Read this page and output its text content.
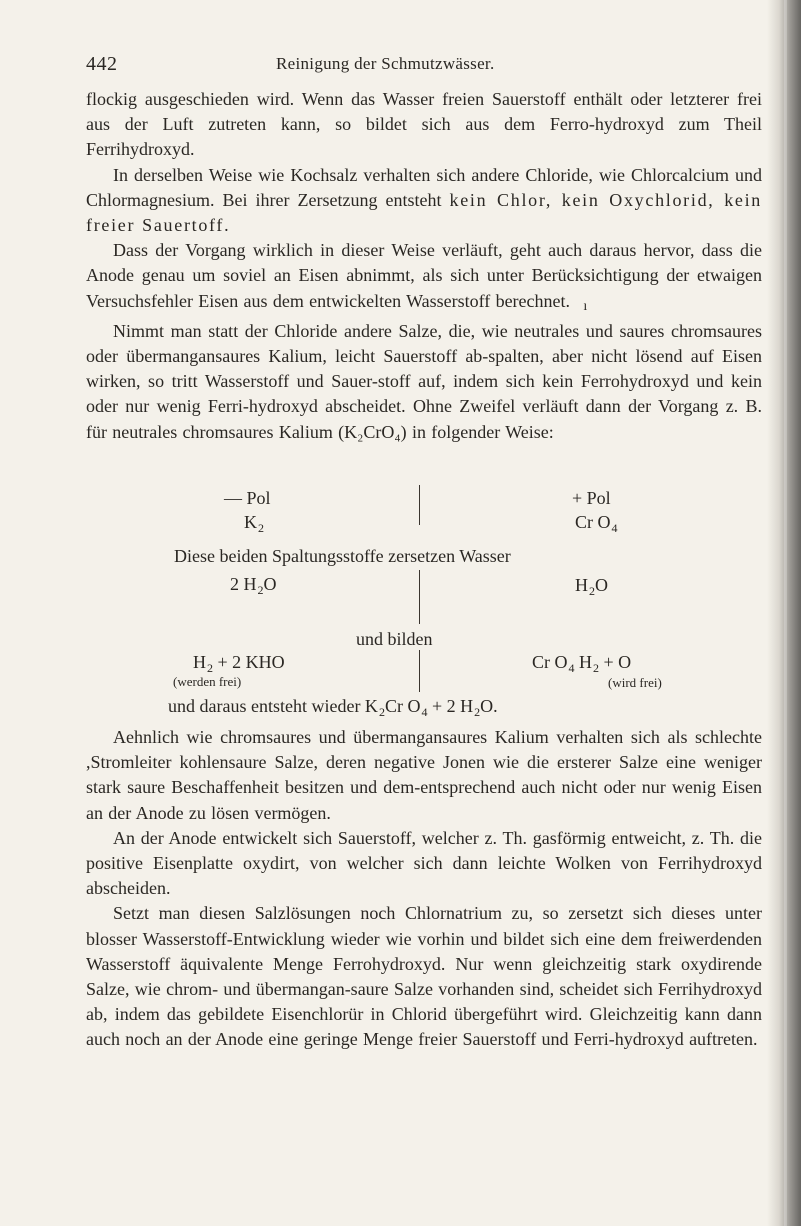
442	Reinigung der Schmutzwässer.

flockig ausgeschieden wird. Wenn das Wasser freien Sauerstoff enthält oder letzterer frei aus der Luft zutreten kann, so bildet sich aus dem Ferro-hydroxyd zum Theil Ferrihydroxyd.

In derselben Weise wie Kochsalz verhalten sich andere Chloride, wie Chlorcalcium und Chlormagnesium. Bei ihrer Zersetzung entsteht kein Chlor, kein Oxychlorid, kein freier Sauertoff.

Dass der Vorgang wirklich in dieser Weise verläuft, geht auch daraus hervor, dass die Anode genau um soviel an Eisen abnimmt, als sich unter Berücksichtigung der etwaigen Versuchsfehler Eisen aus dem entwickelten Wasserstoff berechnet. ı

Nimmt man statt der Chloride andere Salze, die, wie neutrales und saures chromsaures oder übermangansaures Kalium, leicht Sauerstoff ab-spalten, aber nicht lösend auf Eisen wirken, so tritt Wasserstoff und Sauer-stoff auf, indem sich kein Ferrohydroxyd und kein oder nur wenig Ferri-hydroxyd abscheidet. Ohne Zweifel verläuft dann der Vorgang z. B. für neutrales chromsaures Kalium (K₂CrO₄) in folgender Weise:

— Pol
$K_2$
+ Pol
Cr $O_4$
Diese beiden Spaltungsstoffe zersetzen Wasser
2 $H_2O$	$H_2O$
und bilden
$H_2 + 2$ KHO
(werden frei)
Cr $O_4$ $H_2 + O$
(wird frei)
und daraus entsteht wieder $K_2Cr$ $O_4 + 2$ $H_2O$.

Aehnlich wie chromsaures und übermangansaures Kalium verhalten sich als schlechte ,Stromleiter kohlensaure Salze, deren negative Jonen wie die ersterer Salze eine weniger stark saure Beschaffenheit besitzen und dem-entsprechend auch nicht oder nur wenig Eisen an der Anode zu lösen vermögen.

An der Anode entwickelt sich Sauerstoff, welcher z. Th. gasförmig entweicht, z. Th. die positive Eisenplatte oxydirt, von welcher sich dann leichte Wolken von Ferrihydroxyd abscheiden.

Setzt man diesen Salzlösungen noch Chlornatrium zu, so zersetzt sich dieses unter blosser Wasserstoff-Entwicklung wieder wie vorhin und bildet sich eine dem freiwerdenden Wasserstoff äquivalente Menge Ferrohydroxyd. Nur wenn gleichzeitig stark oxydirende Salze, wie chrom- und übermangan-saure Salze vorhanden sind, scheidet sich Ferrihydroxyd ab, indem das gebildete Eisenchlorür in Chlorid übergeführt wird. Gleichzeitig kann dann auch noch an der Anode eine geringe Menge freier Sauerstoff und Ferri-hydroxyd auftreten.
